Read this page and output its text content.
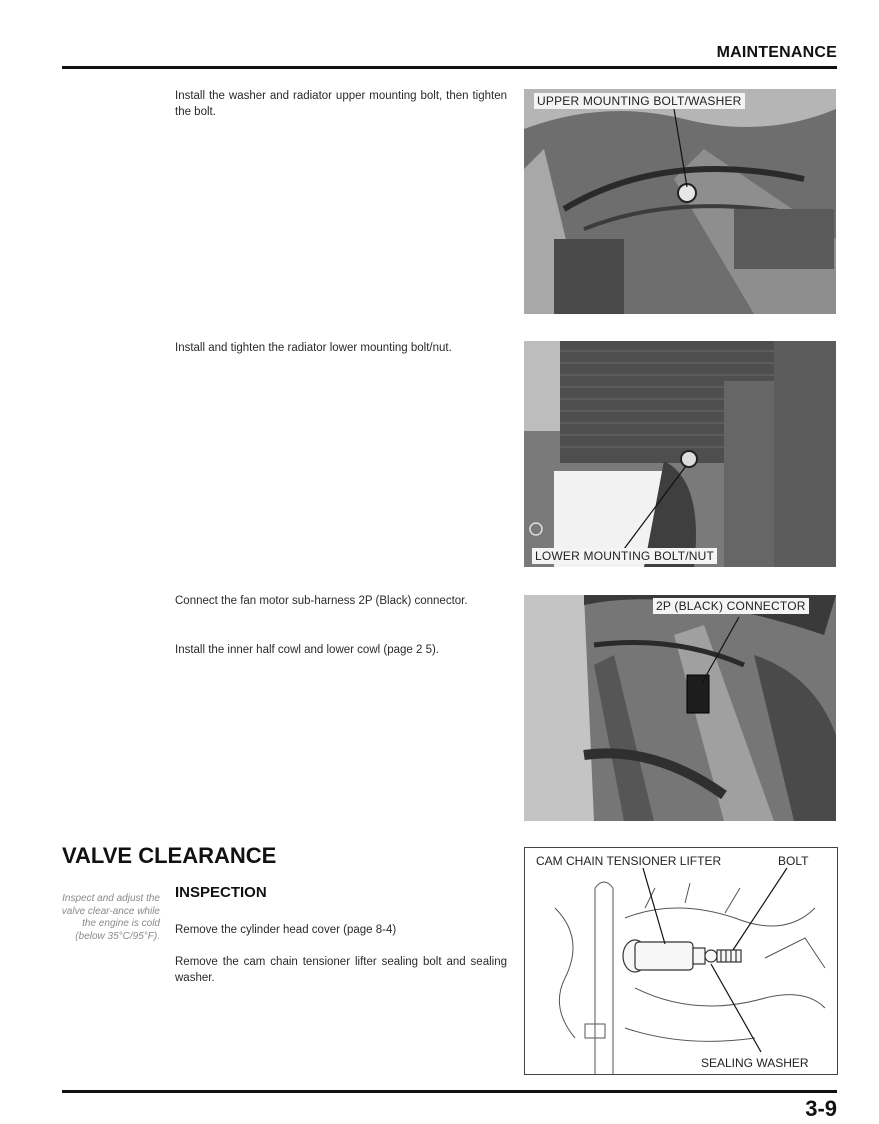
MAINTENANCE
Install the washer and radiator upper mounting bolt, then tighten the bolt.
UPPER MOUNTING BOLT/WASHER
Install and tighten the radiator lower mounting bolt/nut.
LOWER MOUNTING BOLT/NUT
Connect the fan motor sub-harness 2P (Black) connector.
Install the inner half cowl and lower cowl (page 2 5).
2P (BLACK) CONNECTOR
VALVE CLEARANCE
INSPECTION
Inspect and adjust the valve clear-ance while the engine is cold (below 35°C/95°F). Remove the cylinder head cover (page 8-4)
Remove the cam chain tensioner lifter sealing bolt and sealing washer.
CAM CHAIN TENSIONER LIFTER	BOLT
SEALING WASHER
3-9
